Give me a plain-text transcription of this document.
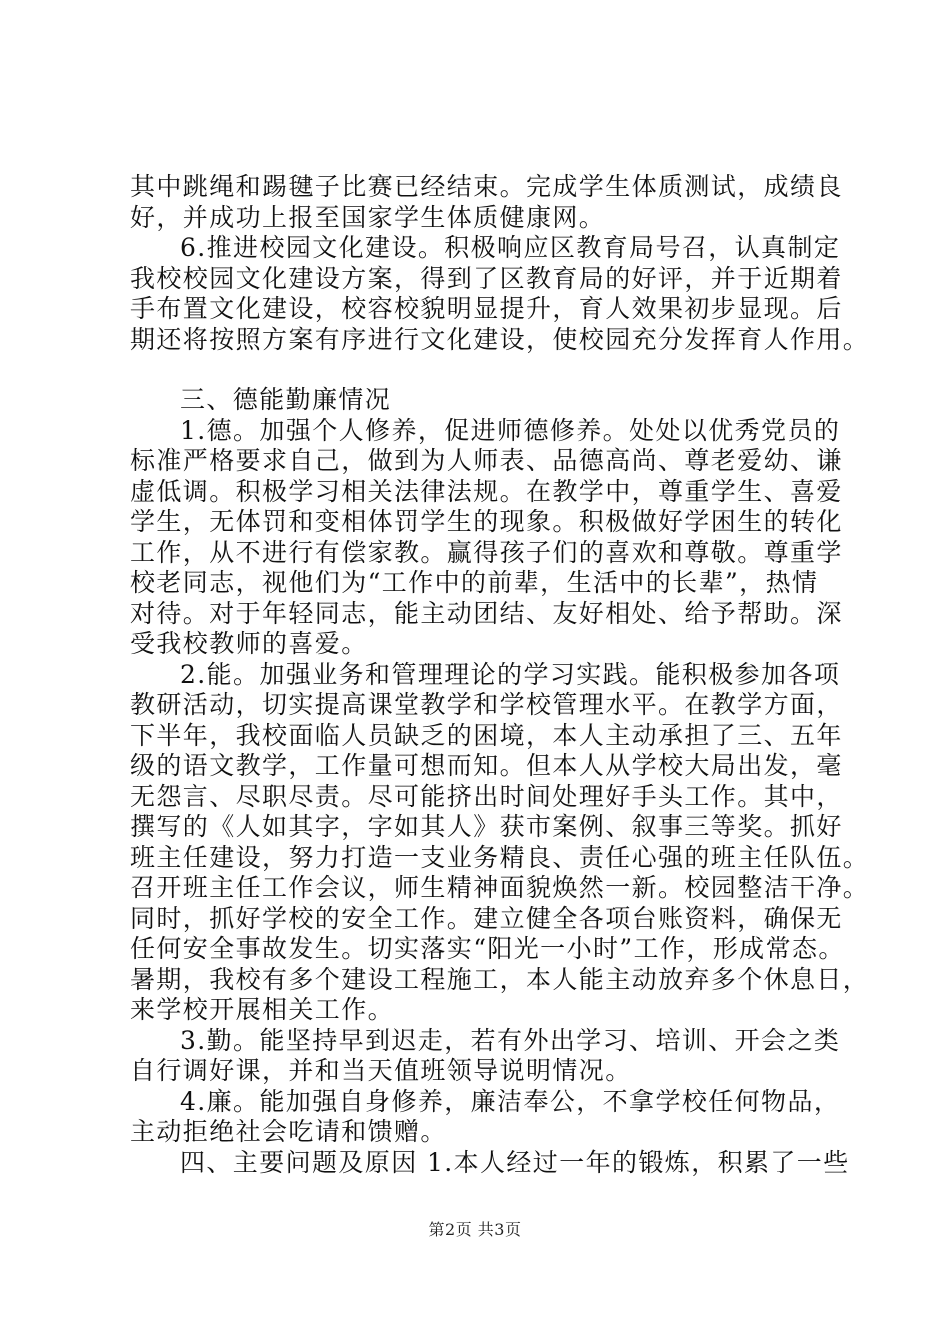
其中跳绳和踢毽子比赛已经结束。完成学生体质测试，成绩良
好，并成功上报至国家学生体质健康网。
6.推进校园文化建设。积极响应区教育局号召，认真制定
我校校园文化建设方案，得到了区教育局的好评，并于近期着
手布置文化建设，校容校貌明显提升，育人效果初步显现。后
期还将按照方案有序进行文化建设，使校园充分发挥育人作用。
三、德能勤廉情况
1.德。加强个人修养，促进师德修养。处处以优秀党员的
标准严格要求自己，做到为人师表、品德高尚、尊老爱幼、谦
虚低调。积极学习相关法律法规。在教学中，尊重学生、喜爱
学生，无体罚和变相体罚学生的现象。积极做好学困生的转化
工作，从不进行有偿家教。赢得孩子们的喜欢和尊敬。尊重学
校老同志，视他们为“工作中的前辈，生活中的长辈”，热情
对待。对于年轻同志，能主动团结、友好相处、给予帮助。深
受我校教师的喜爱。
2.能。加强业务和管理理论的学习实践。能积极参加各项
教研活动，切实提高课堂教学和学校管理水平。在教学方面，
下半年，我校面临人员缺乏的困境，本人主动承担了三、五年
级的语文教学，工作量可想而知。但本人从学校大局出发，毫
无怨言、尽职尽责。尽可能挤出时间处理好手头工作。其中，
撰写的《人如其字，字如其人》获市案例、叙事三等奖。抓好
班主任建设，努力打造一支业务精良、责任心强的班主任队伍。
召开班主任工作会议，师生精神面貌焕然一新。校园整洁干净。
同时，抓好学校的安全工作。建立健全各项台账资料，确保无
任何安全事故发生。切实落实“阳光一小时”工作，形成常态。
暑期，我校有多个建设工程施工，本人能主动放弃多个休息日，
来学校开展相关工作。
3.勤。能坚持早到迟走，若有外出学习、培训、开会之类
自行调好课，并和当天值班领导说明情况。
4.廉。能加强自身修养，廉洁奉公，不拿学校任何物品，
主动拒绝社会吃请和馈赠。
四、主要问题及原因 1.本人经过一年的锻炼，积累了一些
第2页 共3页
